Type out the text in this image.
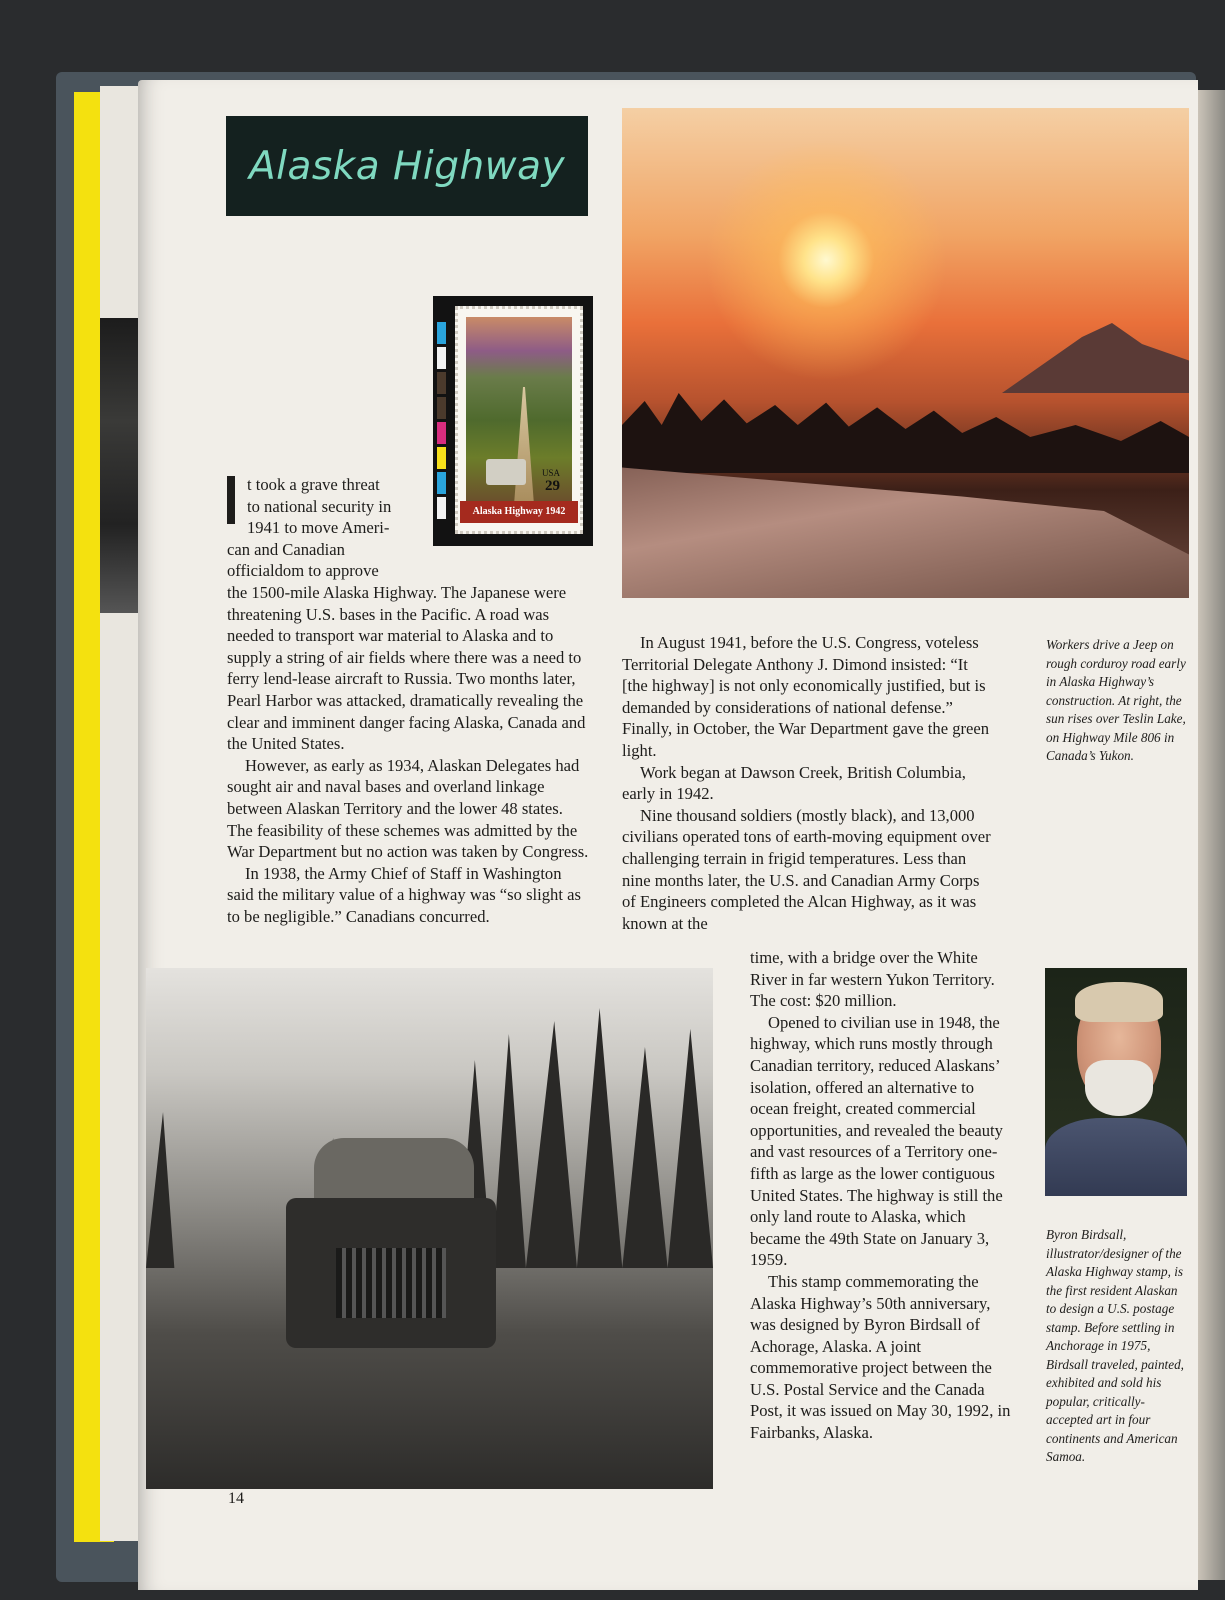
Alaska Highway
USA
29
Alaska Highway 1942
t took a grave threat
to national security in
1941 to move Ameri-
can and Canadian
officialdom to approve

the 1500-mile Alaska Highway. The Japanese were threatening U.S. bases in the Pacific. A road was needed to transport war material to Alaska and to supply a string of air fields where there was a need to ferry lend-lease aircraft to Russia. Two months later, Pearl Harbor was attacked, dramatically revealing the clear and imminent danger facing Alaska, Canada and the United States.

However, as early as 1934, Alaskan Delegates had sought air and naval bases and overland linkage between Alaskan Territory and the lower 48 states. The feasibility of these schemes was admitted by the War Department but no action was taken by Congress.

In 1938, the Army Chief of Staff in Washington said the military value of a highway was “so slight as to be negligible.” Canadians concurred.

In August 1941, before the U.S. Congress, voteless Territorial Delegate Anthony J. Dimond insisted: “It [the highway] is not only economically justified, but is demanded by considerations of national defense.” Finally, in October, the War Department gave the green light.

Work began at Dawson Creek, British Columbia, early in 1942.

Nine thousand soldiers (mostly black), and 13,000 civilians operated tons of earth-moving equipment over challenging terrain in frigid temperatures. Less than nine months later, the U.S. and Canadian Army Corps of Engineers completed the Alcan Highway, as it was known at the

time, with a bridge over the White River in far western Yukon Territory. The cost: $20 million.

Opened to civilian use in 1948, the highway, which runs mostly through Canadian territory, reduced Alaskans’ isolation, offered an alternative to ocean freight, created commercial opportunities, and revealed the beauty and vast resources of a Territory one-fifth as large as the lower contiguous United States. The highway is still the only land route to Alaska, which became the 49th State on January 3, 1959.

This stamp commemorating the Alaska Highway’s 50th anniversary, was designed by Byron Birdsall of Achorage, Alaska. A joint commemorative project between the U.S. Postal Service and the Canada Post, it was issued on May 30, 1992, in Fairbanks, Alaska.

Workers drive a Jeep on rough corduroy road early in Alaska Highway’s construction. At right, the sun rises over Teslin Lake, on Highway Mile 806 in Canada’s Yukon.
Byron Birdsall, illustrator/designer of the Alaska Highway stamp, is the first resident Alaskan to design a U.S. postage stamp. Before settling in Anchorage in 1975, Birdsall traveled, painted, exhibited and sold his popular, critically-accepted art in four continents and American Samoa.
14
